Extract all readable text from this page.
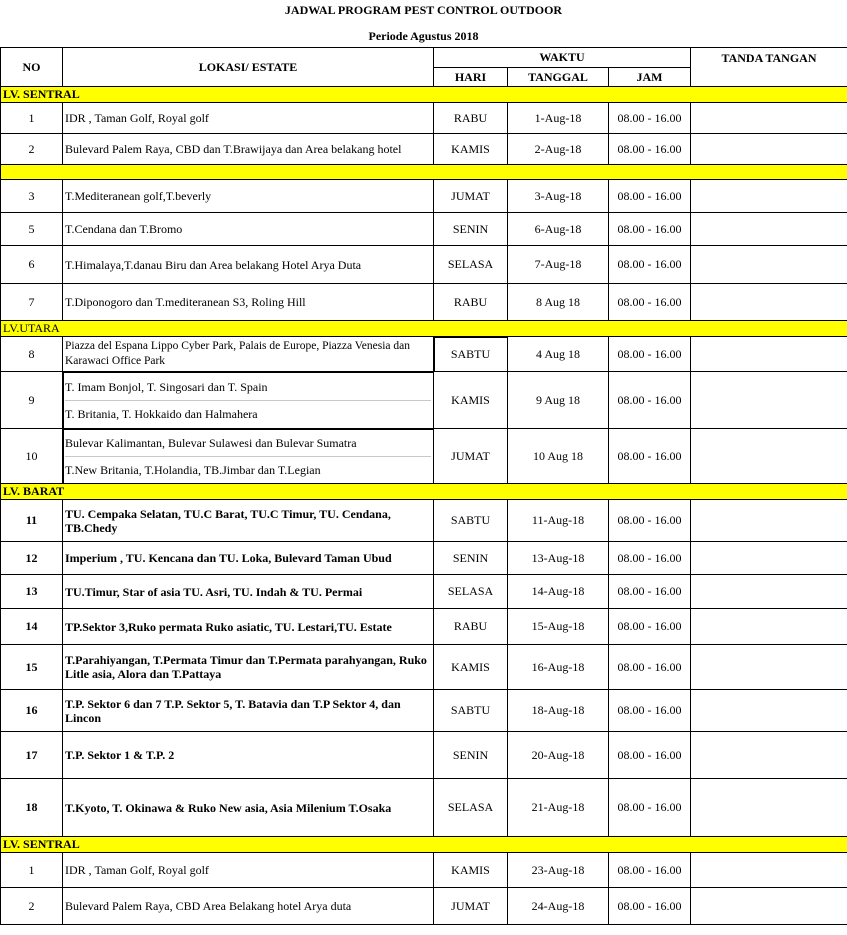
JADWAL PROGRAM PEST CONTROL OUTDOOR
Periode Agustus 2018
NO	LOKASI/ ESTATE	WAKTU			TANDA TANGAN
		HARI	TANGGAL	JAM	
LV. SENTRAL					
1	IDR , Taman Golf, Royal golf	RABU	1-Aug-18	08.00 - 16.00	
2	Bulevard Palem Raya, CBD dan T.Brawijaya dan Area belakang hotel	KAMIS	2-Aug-18	08.00 - 16.00	

3	T.Mediteranean golf,T.beverly	JUMAT	3-Aug-18	08.00 - 16.00	
5	T.Cendana dan T.Bromo	SENIN	6-Aug-18	08.00 - 16.00	
6	T.Himalaya,T.danau Biru dan Area belakang Hotel Arya Duta	SELASA	7-Aug-18	08.00 - 16.00	
7	T.Diponogoro dan T.mediteranean S3, Roling Hill	RABU	8 Aug 18	08.00 - 16.00	
LV.UTARA					
8	Piazza del Espana Lippo Cyber Park, Palais de Europe, Piazza Venesia dan Karawaci Office Park	SABTU	4 Aug 18	08.00 - 16.00	
9	T. Imam Bonjol, T. Singosari dan T. Spain
T. Britania, T. Hokkaido dan Halmahera	KAMIS	9 Aug 18	08.00 - 16.00	
10	Bulevar Kalimantan, Bulevar Sulawesi dan Bulevar Sumatra
T.New Britania, T.Holandia, TB.Jimbar dan T.Legian	JUMAT	10 Aug 18	08.00 - 16.00	
LV. BARAT					
11	TU. Cempaka Selatan, TU.C Barat, TU.C Timur, TU. Cendana, TB.Chedy	SABTU	11-Aug-18	08.00 - 16.00	
12	Imperium , TU. Kencana dan TU. Loka, Bulevard Taman Ubud	SENIN	13-Aug-18	08.00 - 16.00	
13	TU.Timur, Star of asia TU. Asri, TU. Indah & TU. Permai	SELASA	14-Aug-18	08.00 - 16.00	
14	TP.Sektor 3,Ruko permata Ruko asiatic, TU. Lestari,TU. Estate	RABU	15-Aug-18	08.00 - 16.00	
15	T.Parahiyangan, T.Permata Timur dan T.Permata parahyangan, Ruko Litle asia, Alora dan T.Pattaya	KAMIS	16-Aug-18	08.00 - 16.00	
16	T.P. Sektor 6 dan 7 T.P. Sektor 5, T. Batavia dan T.P Sektor 4, dan Lincon	SABTU	18-Aug-18	08.00 - 16.00	
17	T.P. Sektor 1 & T.P. 2	SENIN	20-Aug-18	08.00 - 16.00	
18	T.Kyoto, T. Okinawa & Ruko New asia, Asia Milenium T.Osaka	SELASA	21-Aug-18	08.00 - 16.00	
LV. SENTRAL					
1	IDR , Taman Golf, Royal golf	KAMIS	23-Aug-18	08.00 - 16.00	
2	Bulevard Palem Raya, CBD Area Belakang hotel Arya duta	JUMAT	24-Aug-18	08.00 - 16.00	
